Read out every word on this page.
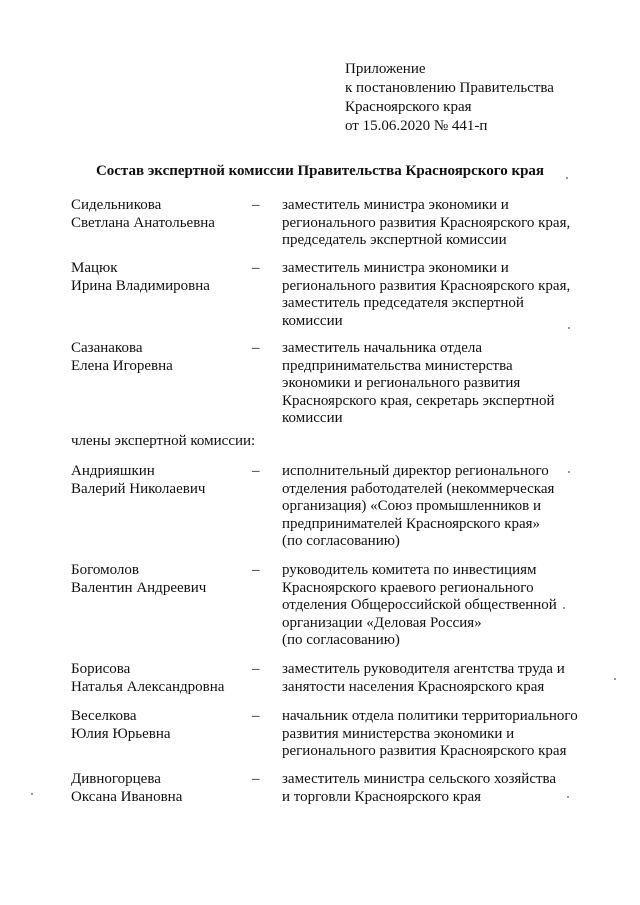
Приложение
к постановлению Правительства
Красноярского края
от 15.06.2020 № 441-п
Состав экспертной комиссии Правительства Красноярского края
Сидельникова
Светлана Анатольевна
– заместитель министра экономики и
регионального развития Красноярского края,
председатель экспертной комиссии
Мацюк
Ирина Владимировна
– заместитель министра экономики и
регионального развития Красноярского края,
заместитель председателя экспертной
комиссии
Сазанакова
Елена Игоревна
– заместитель начальника отдела
предпринимательства министерства
экономики и регионального развития
Красноярского края, секретарь экспертной
комиссии
члены экспертной комиссии:
Андрияшкин
Валерий Николаевич
– исполнительный директор регионального
отделения работодателей (некоммерческая
организация) «Союз промышленников и
предпринимателей Красноярского края»
(по согласованию)
Богомолов
Валентин Андреевич
– руководитель комитета по инвестициям
Красноярского краевого регионального
отделения Общероссийской общественной
организации «Деловая Россия»
(по согласованию)
Борисова
Наталья Александровна
– заместитель руководителя агентства труда и
занятости населения Красноярского края
Веселкова
Юлия Юрьевна
– начальник отдела политики территориального
развития министерства экономики и
регионального развития Красноярского края
Дивногорцева
Оксана Ивановна
– заместитель министра сельского хозяйства
и торговли Красноярского края
